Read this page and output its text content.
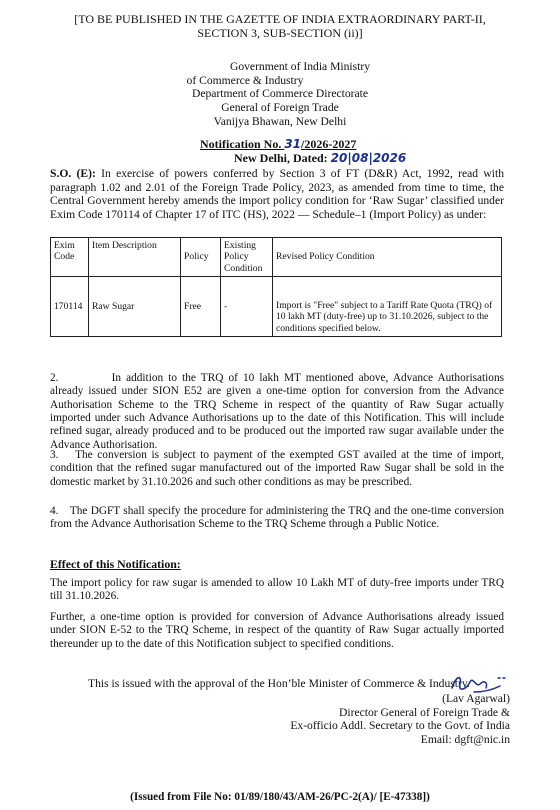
[TO BE PUBLISHED IN THE GAZETTE OF INDIA EXTRAORDINARY PART-II,
SECTION 3, SUB-SECTION (ii)]
Government of India Ministry
of Commerce & Industry
Department of Commerce Directorate
General of Foreign Trade
Vanijya Bhawan, New Delhi
Notification No. 31/2026-2027
New Delhi, Dated: 20|08|2026
S.O. (E): In exercise of powers conferred by Section 3 of FT (D&R) Act, 1992, read with paragraph 1.02 and 2.01 of the Foreign Trade Policy, 2023, as amended from time to time, the Central Government hereby amends the import policy condition for ‘Raw Sugar’ classified under Exim Code 170114 of Chapter 17 of ITC (HS), 2022 — Schedule–1 (Import Policy) as under:
Exim Code	Item Description	Policy	Existing Policy Condition	Revised Policy Condition
170114	Raw Sugar	Free	-	Import is "Free" subject to a Tariff Rate Quota (TRQ) of 10 lakh MT (duty-free) up to 31.10.2026, subject to the conditions specified below.
2.	In addition to the TRQ of 10 lakh MT mentioned above, Advance Authorisations already issued under SION E52 are given a one-time option for conversion from the Advance Authorisation Scheme to the TRQ Scheme in respect of the quantity of Raw Sugar actually imported under such Advance Authorisations up to the date of this Notification. This will include refined sugar, already produced and to be produced out the imported raw sugar available under the Advance Authorisation.
3. The conversion is subject to payment of the exempted GST availed at the time of import, condition that the refined sugar manufactured out of the imported Raw Sugar shall be sold in the domestic market by 31.10.2026 and such other conditions as may be prescribed.
4. The DGFT shall specify the procedure for administering the TRQ and the one-time conversion from the Advance Authorisation Scheme to the TRQ Scheme through a Public Notice.
Effect of this Notification:
The import policy for raw sugar is amended to allow 10 Lakh MT of duty-free imports under TRQ till 31.10.2026.
Further, a one-time option is provided for conversion of Advance Authorisations already issued under SION E-52 to the TRQ Scheme, in respect of the quantity of Raw Sugar actually imported thereunder up to the date of this Notification subject to specified conditions.
This is issued with the approval of the Hon’ble Minister of Commerce & Industry.
(Lav Agarwal)
Director General of Foreign Trade &
Ex-officio Addl. Secretary to the Govt. of India
Email: dgft@nic.in
(Issued from File No: 01/89/180/43/AM-26/PC-2(A)/ [E-47338])
